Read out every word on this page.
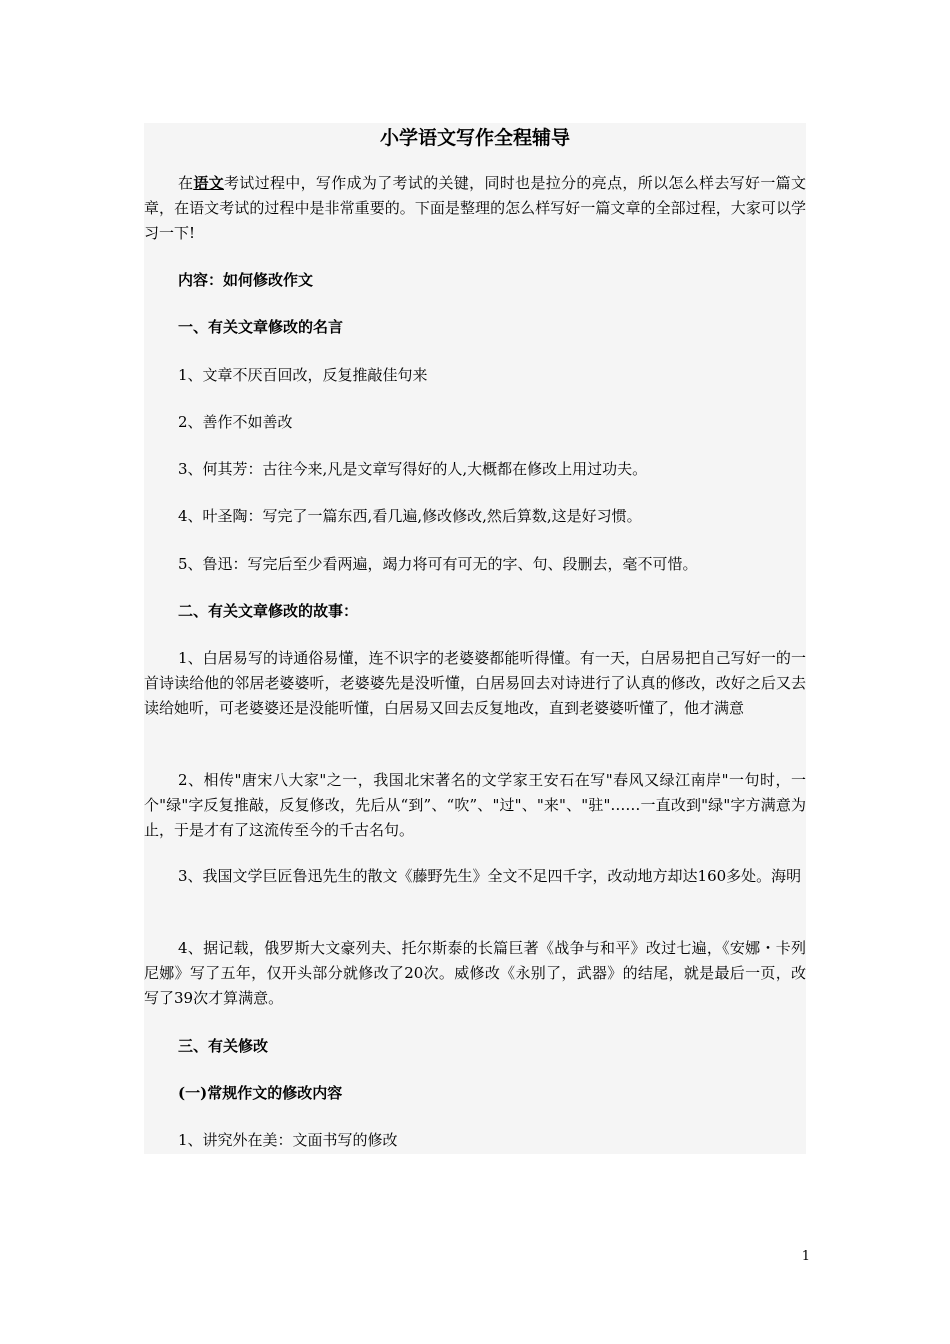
小学语文写作全程辅导

在语文考试过程中，写作成为了考试的关键，同时也是拉分的亮点，所以怎么样去写好一篇文章，在语文考试的过程中是非常重要的。下面是整理的怎么样写好一篇文章的全部过程，大家可以学习一下!

内容：如何修改作文

一、有关文章修改的名言

1、文章不厌百回改，反复推敲佳句来

2、善作不如善改

3、何其芳：古往今来,凡是文章写得好的人,大概都在修改上用过功夫。

4、叶圣陶：写完了一篇东西,看几遍,修改修改,然后算数,这是好习惯。

5、鲁迅：写完后至少看两遍，竭力将可有可无的字、句、段删去，毫不可惜。

二、有关文章修改的故事：

1、白居易写的诗通俗易懂，连不识字的老婆婆都能听得懂。有一天，白居易把自己写好一的一首诗读给他的邻居老婆婆听，老婆婆先是没听懂，白居易回去对诗进行了认真的修改，改好之后又去读给她听，可老婆婆还是没能听懂，白居易又回去反复地改，直到老婆婆听懂了，他才满意

2、相传"唐宋八大家"之一，我国北宋著名的文学家王安石在写"春风又绿江南岸"一句时，一个"绿"字反复推敲，反复修改，先后从“到”、“吹”、"过"、"来"、"驻"……一直改到"绿"字方满意为止，于是才有了这流传至今的千古名句。

3、我国文学巨匠鲁迅先生的散文《藤野先生》全文不足四千字，改动地方却达160多处。海明

4、据记载，俄罗斯大文豪列夫、托尔斯泰的长篇巨著《战争与和平》改过七遍，《安娜・卡列尼娜》写了五年，仅开头部分就修改了20次。威修改《永别了，武器》的结尾，就是最后一页，改写了39次才算满意。

三、有关修改

(一)常规作文的修改内容

1、讲究外在美：文面书写的修改

1
